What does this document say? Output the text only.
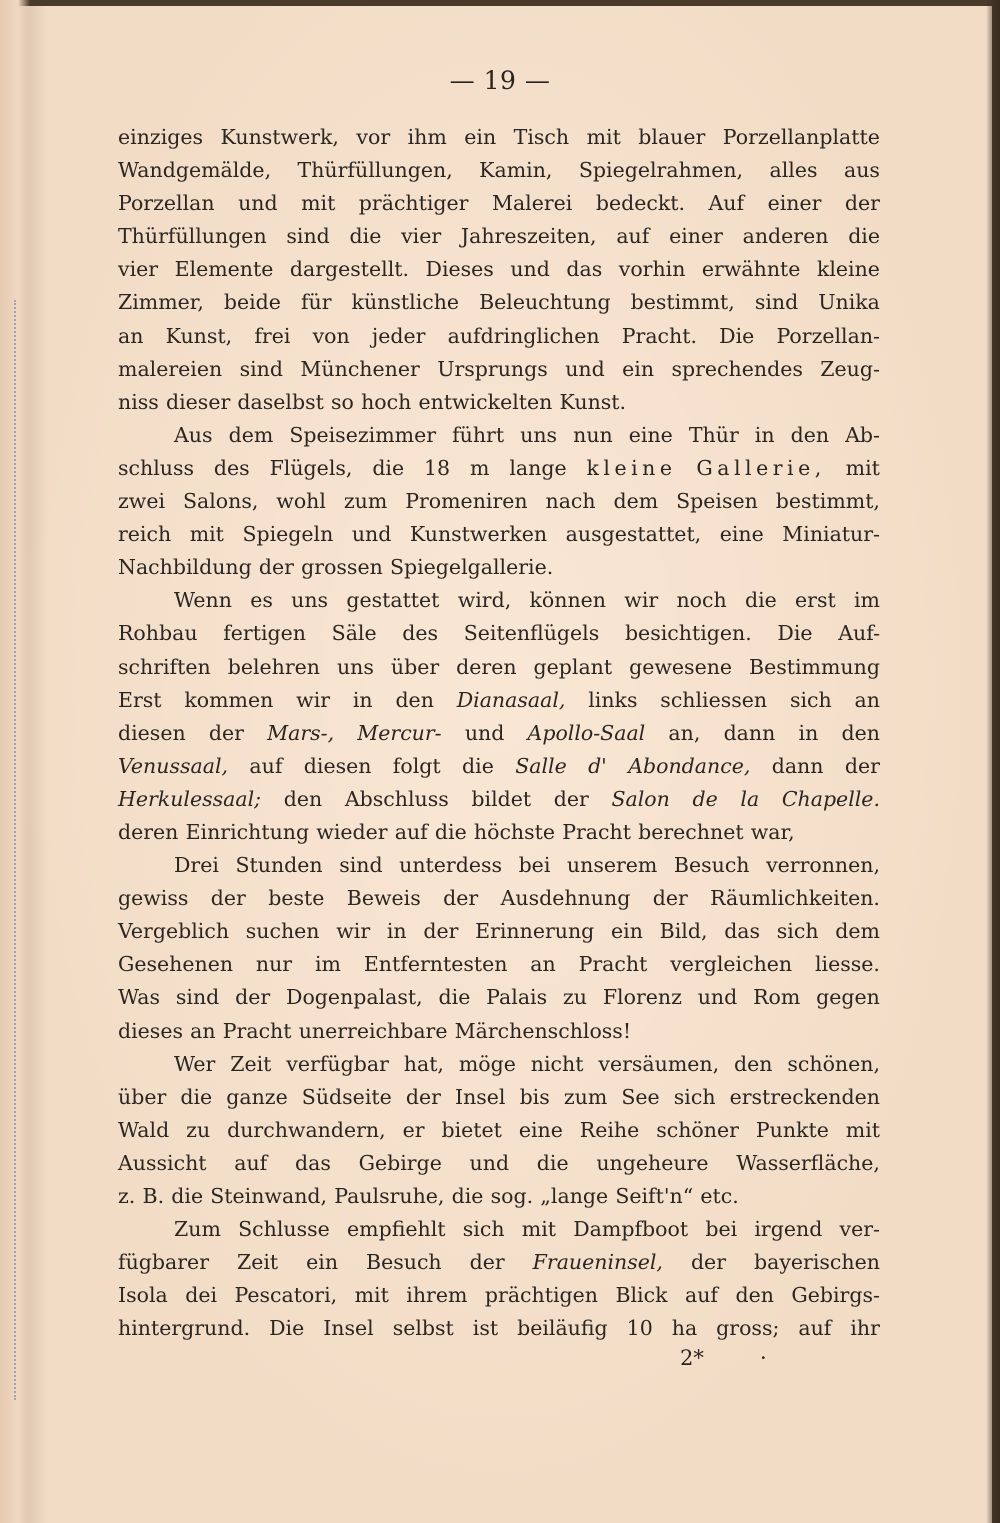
— 19 —
einziges Kunstwerk, vor ihm ein Tisch mit blauer Porzellanplatte
Wandgemälde, Thürfüllungen, Kamin, Spiegelrahmen, alles aus
Porzellan und mit prächtiger Malerei bedeckt. Auf einer der
Thürfüllungen sind die vier Jahreszeiten, auf einer anderen die
vier Elemente dargestellt. Dieses und das vorhin erwähnte kleine
Zimmer, beide für künstliche Beleuchtung bestimmt, sind Unika
an Kunst, frei von jeder aufdringlichen Pracht. Die Porzellan-
malereien sind Münchener Ursprungs und ein sprechendes Zeug-
niss dieser daselbst so hoch entwickelten Kunst.
Aus dem Speisezimmer führt uns nun eine Thür in den Ab-
schluss des Flügels, die 18 m lange kleine Gallerie, mit
zwei Salons, wohl zum Promeniren nach dem Speisen bestimmt,
reich mit Spiegeln und Kunstwerken ausgestattet, eine Miniatur-
Nachbildung der grossen Spiegelgallerie.
Wenn es uns gestattet wird, können wir noch die erst im
Rohbau fertigen Säle des Seitenflügels besichtigen. Die Auf-
schriften belehren uns über deren geplant gewesene Bestimmung
Erst kommen wir in den Dianasaal, links schliessen sich an
diesen der Mars-, Mercur- und Apollo-Saal an, dann in den
Venussaal, auf diesen folgt die Salle d' Abondance, dann der
Herkulessaal; den Abschluss bildet der Salon de la Chapelle.
deren Einrichtung wieder auf die höchste Pracht berechnet war,
Drei Stunden sind unterdess bei unserem Besuch verronnen,
gewiss der beste Beweis der Ausdehnung der Räumlichkeiten.
Vergeblich suchen wir in der Erinnerung ein Bild, das sich dem
Gesehenen nur im Entferntesten an Pracht vergleichen liesse.
Was sind der Dogenpalast, die Palais zu Florenz und Rom gegen
dieses an Pracht unerreichbare Märchenschloss!
Wer Zeit verfügbar hat, möge nicht versäumen, den schönen,
über die ganze Südseite der Insel bis zum See sich erstreckenden
Wald zu durchwandern, er bietet eine Reihe schöner Punkte mit
Aussicht auf das Gebirge und die ungeheure Wasserfläche,
z. B. die Steinwand, Paulsruhe, die sog. „lange Seift'n“ etc.
Zum Schlusse empfiehlt sich mit Dampfboot bei irgend ver-
fügbarer Zeit ein Besuch der Fraueninsel, der bayerischen
Isola dei Pescatori, mit ihrem prächtigen Blick auf den Gebirgs-
hintergrund. Die Insel selbst ist beiläufig 10 ha gross; auf ihr
2*	·
